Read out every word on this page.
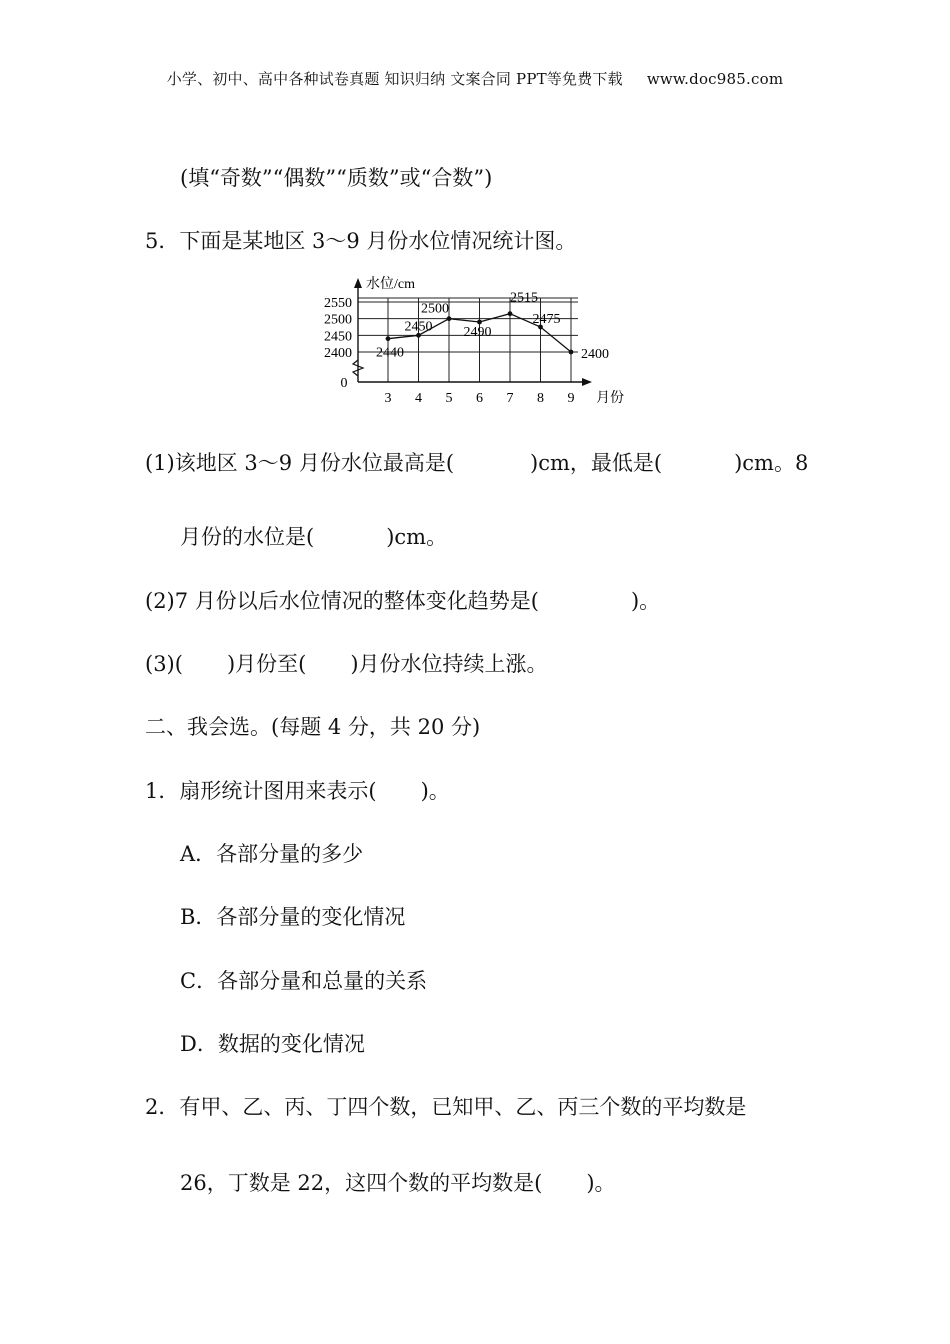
小学、初中、高中各种试卷真题 知识归纳 文案合同 PPT等免费下载 www.doc985.com
(填“奇数”“偶数”“质数”或“合数”)
5．下面是某地区 3～9 月份水位情况统计图。
2400
2450
2500
2550
3 4 5 6 7 8 9
水位/cm
月份
0
2440
2450
2500
2490
2515
2475
2400
(1)该地区 3～9 月份水位最高是(	)cm，最低是(	)cm。8
月份的水位是(	)cm。
(2)7 月份以后水位情况的整体变化趋势是(	)。
(3)( )月份至( )月份水位持续上涨。
二、我会选。(每题 4 分，共 20 分)
1．扇形统计图用来表示( )。
A．各部分量的多少
B．各部分量的变化情况
C．各部分量和总量的关系
D．数据的变化情况
2．有甲、乙、丙、丁四个数，已知甲、乙、丙三个数的平均数是
26，丁数是 22，这四个数的平均数是( )。
